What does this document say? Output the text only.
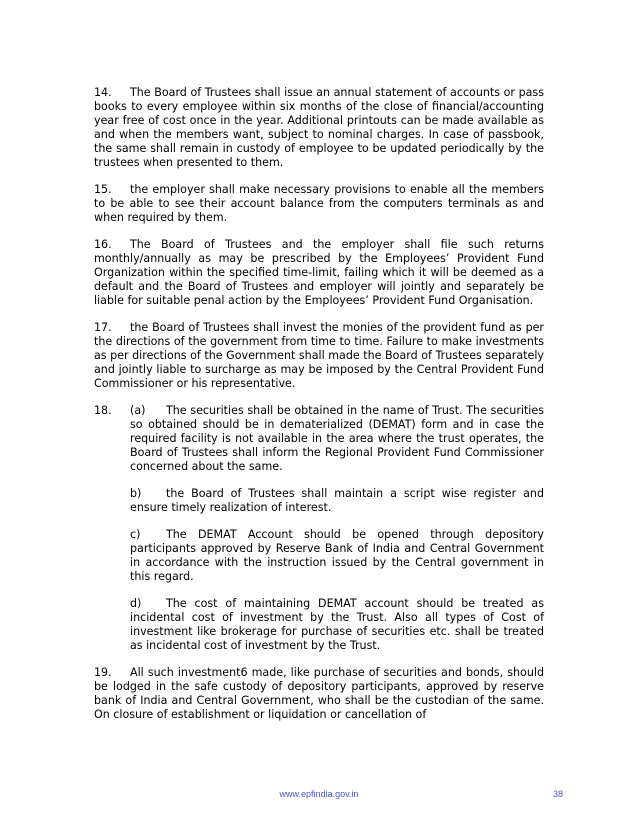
14. The Board of Trustees shall issue an annual statement of accounts or pass books to every employee within six months of the close of financial/accounting year free of cost once in the year. Additional printouts can be made available as and when the members want, subject to nominal charges. In case of passbook, the same shall remain in custody of employee to be updated periodically by the trustees when presented to them.

15. the employer shall make necessary provisions to enable all the members to be able to see their account balance from the computers terminals as and when required by them.

16. The Board of Trustees and the employer shall file such returns monthly/annually as may be prescribed by the Employees’ Provident Fund Organization within the specified time-limit, failing which it will be deemed as a default and the Board of Trustees and employer will jointly and separately be liable for suitable penal action by the Employees’ Provident Fund Organisation.

17. the Board of Trustees shall invest the monies of the provident fund as per the directions of the government from time to time. Failure to make investments as per directions of the Government shall made the Board of Trustees separately and jointly liable to surcharge as may be imposed by the Central Provident Fund Commissioner or his representative.

18.	(a) The securities shall be obtained in the name of Trust. The securities so obtained should be in dematerialized (DEMAT) form and in case the required facility is not available in the area where the trust operates, the Board of Trustees shall inform the Regional Provident Fund Commissioner concerned about the same.

b) the Board of Trustees shall maintain a script wise register and ensure timely realization of interest.

c) The DEMAT Account should be opened through depository participants approved by Reserve Bank of India and Central Government in accordance with the instruction issued by the Central government in this regard.

d) The cost of maintaining DEMAT account should be treated as incidental cost of investment by the Trust. Also all types of Cost of investment like brokerage for purchase of securities etc. shall be treated as incidental cost of investment by the Trust.

19. All such investment6 made, like purchase of securities and bonds, should be lodged in the safe custody of depository participants, approved by reserve bank of India and Central Government, who shall be the custodian of the same. On closure of establishment or liquidation or cancellation of

www.epfindia.gov.in	38
